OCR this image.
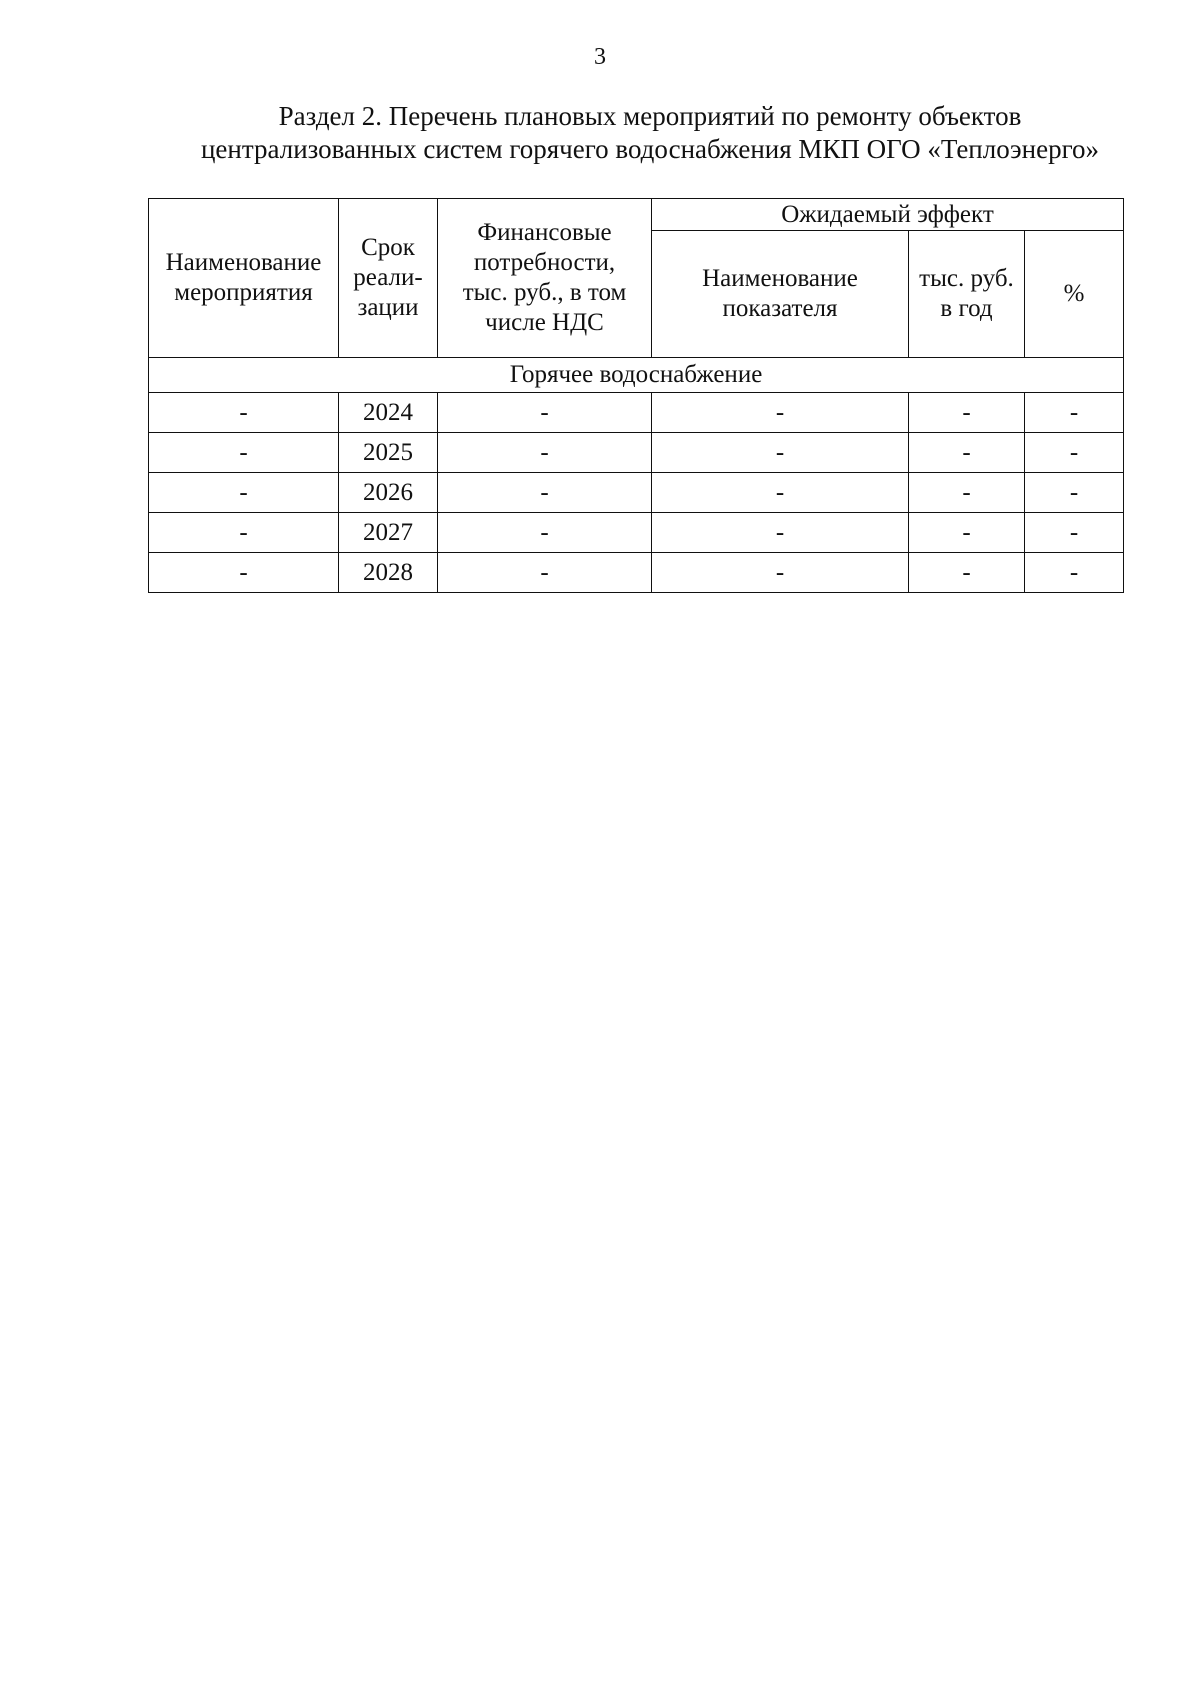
3
Раздел 2. Перечень плановых мероприятий по ремонту объектов
централизованных систем горячего водоснабжения МКП ОГО «Теплоэнерго»
Наименование
мероприятия	Срок
реали-
зации	Финансовые
потребности,
тыс. руб., в том
числе НДС	Ожидаемый эффект		
			Наименование
показателя	тыс. руб.
в год	%
Горячее водоснабжение					
-	2024	-	-	-	-
-	2025	-	-	-	-
-	2026	-	-	-	-
-	2027	-	-	-	-
-	2028	-	-	-	-
